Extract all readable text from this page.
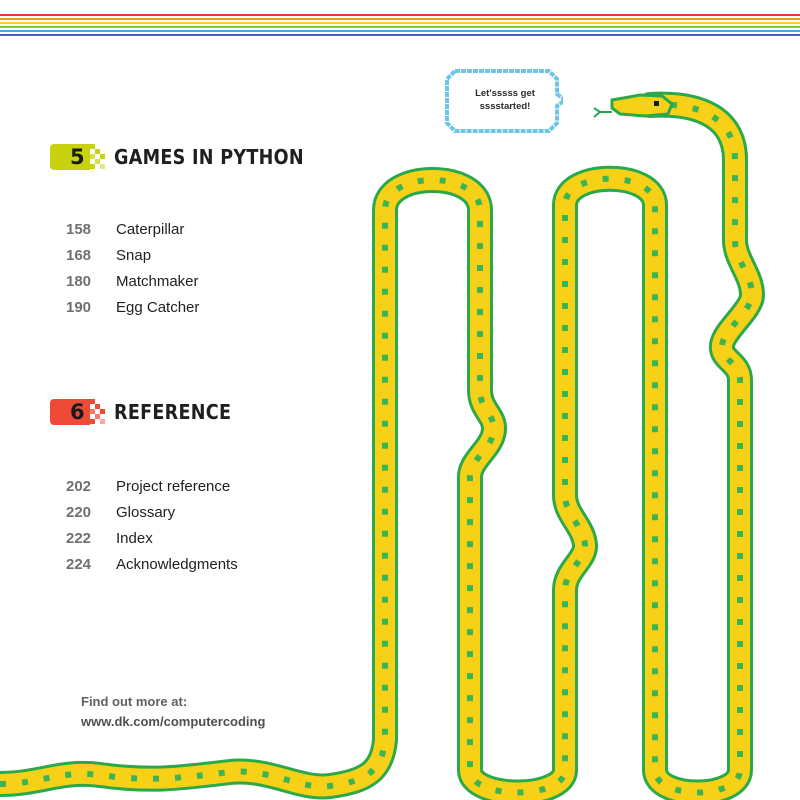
Let'sssss get
sssstarted!
5 GAMES IN PYTHON
158	Caterpillar
168	Snap
180	Matchmaker
190	Egg Catcher
6 REFERENCE
202	Project reference
220	Glossary
222	Index
224	Acknowledgments
Find out more at:
www.dk.com/computercoding
